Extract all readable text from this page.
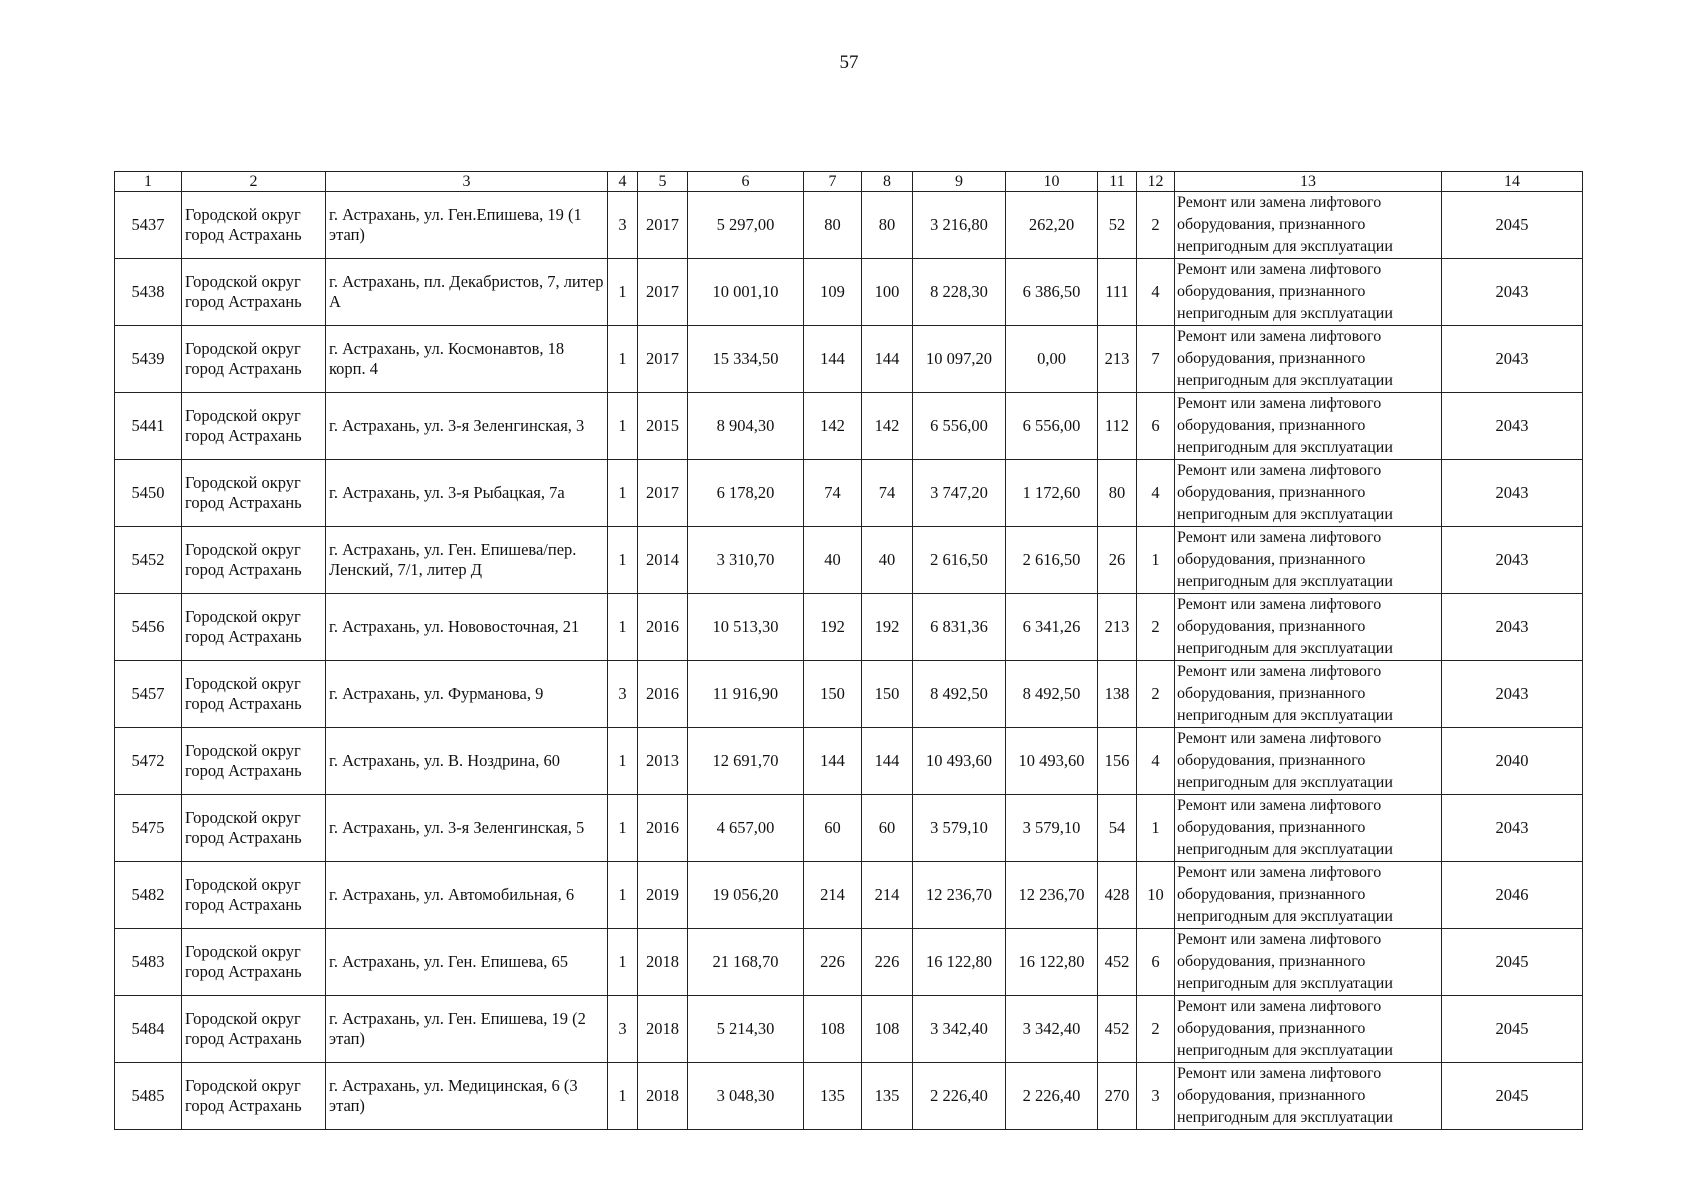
57
1	2	3	4	5	6	7	8	9	10	11	12	13	14
5437	Городской округ город Астрахань	г. Астрахань, ул. Ген.Епишева, 19 (1 этап)	3	2017	5 297,00	80	80	3 216,80	262,20	52	2	Ремонт или замена лифтового оборудования, признанного непригодным для эксплуатации	2045
5438	Городской округ город Астрахань	г. Астрахань, пл. Декабристов, 7, литер А	1	2017	10 001,10	109	100	8 228,30	6 386,50	111	4	Ремонт или замена лифтового оборудования, признанного непригодным для эксплуатации	2043
5439	Городской округ город Астрахань	г. Астрахань, ул. Космонавтов, 18 корп. 4	1	2017	15 334,50	144	144	10 097,20	0,00	213	7	Ремонт или замена лифтового оборудования, признанного непригодным для эксплуатации	2043
5441	Городской округ город Астрахань	г. Астрахань, ул. 3-я Зеленгинская, 3	1	2015	8 904,30	142	142	6 556,00	6 556,00	112	6	Ремонт или замена лифтового оборудования, признанного непригодным для эксплуатации	2043
5450	Городской округ город Астрахань	г. Астрахань, ул. 3-я Рыбацкая, 7а	1	2017	6 178,20	74	74	3 747,20	1 172,60	80	4	Ремонт или замена лифтового оборудования, признанного непригодным для эксплуатации	2043
5452	Городской округ город Астрахань	г. Астрахань, ул. Ген. Епишева/пер. Ленский, 7/1, литер Д	1	2014	3 310,70	40	40	2 616,50	2 616,50	26	1	Ремонт или замена лифтового оборудования, признанного непригодным для эксплуатации	2043
5456	Городской округ город Астрахань	г. Астрахань, ул. Нововосточная, 21	1	2016	10 513,30	192	192	6 831,36	6 341,26	213	2	Ремонт или замена лифтового оборудования, признанного непригодным для эксплуатации	2043
5457	Городской округ город Астрахань	г. Астрахань, ул. Фурманова, 9	3	2016	11 916,90	150	150	8 492,50	8 492,50	138	2	Ремонт или замена лифтового оборудования, признанного непригодным для эксплуатации	2043
5472	Городской округ город Астрахань	г. Астрахань, ул. В. Ноздрина, 60	1	2013	12 691,70	144	144	10 493,60	10 493,60	156	4	Ремонт или замена лифтового оборудования, признанного непригодным для эксплуатации	2040
5475	Городской округ город Астрахань	г. Астрахань, ул. 3-я Зеленгинская, 5	1	2016	4 657,00	60	60	3 579,10	3 579,10	54	1	Ремонт или замена лифтового оборудования, признанного непригодным для эксплуатации	2043
5482	Городской округ город Астрахань	г. Астрахань, ул. Автомобильная, 6	1	2019	19 056,20	214	214	12 236,70	12 236,70	428	10	Ремонт или замена лифтового оборудования, признанного непригодным для эксплуатации	2046
5483	Городской округ город Астрахань	г. Астрахань, ул. Ген. Епишева, 65	1	2018	21 168,70	226	226	16 122,80	16 122,80	452	6	Ремонт или замена лифтового оборудования, признанного непригодным для эксплуатации	2045
5484	Городской округ город Астрахань	г. Астрахань, ул. Ген. Епишева, 19 (2 этап)	3	2018	5 214,30	108	108	3 342,40	3 342,40	452	2	Ремонт или замена лифтового оборудования, признанного непригодным для эксплуатации	2045
5485	Городской округ город Астрахань	г. Астрахань, ул. Медицинская, 6 (3 этап)	1	2018	3 048,30	135	135	2 226,40	2 226,40	270	3	Ремонт или замена лифтового оборудования, признанного непригодным для эксплуатации	2045
